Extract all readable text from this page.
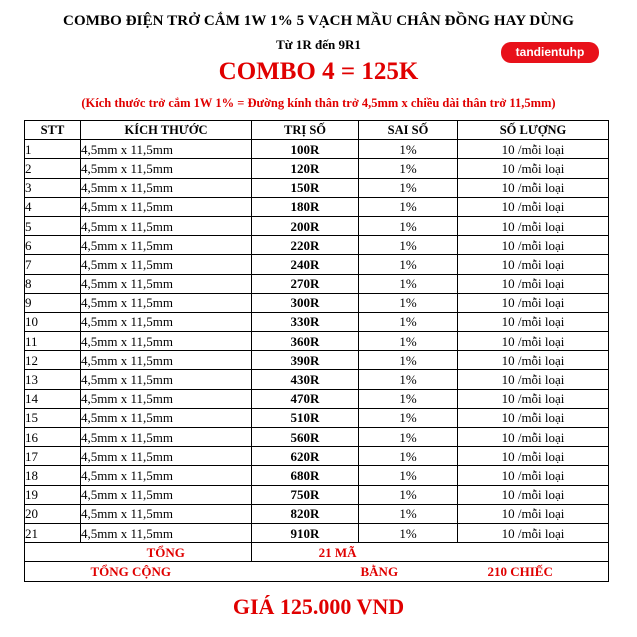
COMBO ĐIỆN TRỞ CẮM 1W 1% 5 VẠCH MẦU CHÂN ĐỒNG HAY DÙNG
Từ 1R đến 9R1	tandientuhp
COMBO 4 = 125K
(Kích thước trở cắm 1W 1% = Đường kính thân trở 4,5mm x chiều dài thân trở 11,5mm)
STT	KÍCH THƯỚC	TRỊ SỐ	SAI SỐ	SỐ LƯỢNG
1	4,5mm x 11,5mm	100R	1%	10 /mỗi loại
2	4,5mm x 11,5mm	120R	1%	10 /mỗi loại
3	4,5mm x 11,5mm	150R	1%	10 /mỗi loại
4	4,5mm x 11,5mm	180R	1%	10 /mỗi loại
5	4,5mm x 11,5mm	200R	1%	10 /mỗi loại
6	4,5mm x 11,5mm	220R	1%	10 /mỗi loại
7	4,5mm x 11,5mm	240R	1%	10 /mỗi loại
8	4,5mm x 11,5mm	270R	1%	10 /mỗi loại
9	4,5mm x 11,5mm	300R	1%	10 /mỗi loại
10	4,5mm x 11,5mm	330R	1%	10 /mỗi loại
11	4,5mm x 11,5mm	360R	1%	10 /mỗi loại
12	4,5mm x 11,5mm	390R	1%	10 /mỗi loại
13	4,5mm x 11,5mm	430R	1%	10 /mỗi loại
14	4,5mm x 11,5mm	470R	1%	10 /mỗi loại
15	4,5mm x 11,5mm	510R	1%	10 /mỗi loại
16	4,5mm x 11,5mm	560R	1%	10 /mỗi loại
17	4,5mm x 11,5mm	620R	1%	10 /mỗi loại
18	4,5mm x 11,5mm	680R	1%	10 /mỗi loại
19	4,5mm x 11,5mm	750R	1%	10 /mỗi loại
20	4,5mm x 11,5mm	820R	1%	10 /mỗi loại
21	4,5mm x 11,5mm	910R	1%	10 /mỗi loại
	TỔNG	21 MÃ		
	TỔNG CỘNG		BẰNG	210 CHIẾC
GIÁ 125.000 VND
